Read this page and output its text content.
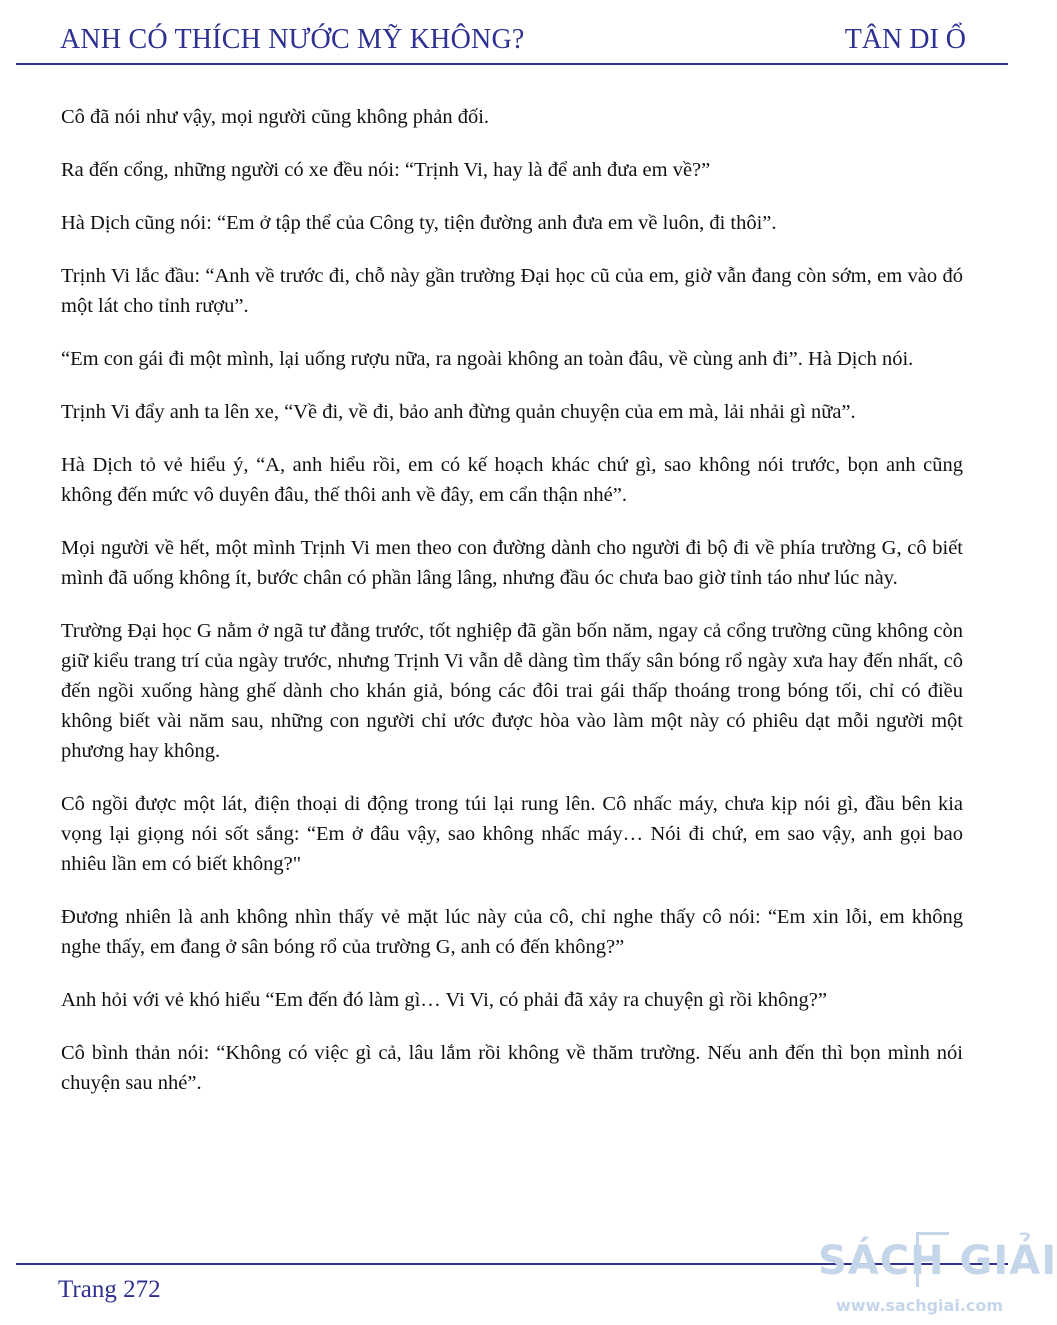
ANH CÓ THÍCH NƯỚC MỸ KHÔNG?	TÂN DI Ổ

Cô đã nói như vậy, mọi người cũng không phản đối.

Ra đến cổng, những người có xe đều nói: “Trịnh Vi, hay là để anh đưa em về?”

Hà Dịch cũng nói: “Em ở tập thể của Công ty, tiện đường anh đưa em về luôn, đi thôi”.

Trịnh Vi lắc đầu: “Anh về trước đi, chỗ này gần trường Đại học cũ của em, giờ vẫn đang còn sớm, em vào đó một lát cho tỉnh rượu”.

“Em con gái đi một mình, lại uống rượu nữa, ra ngoài không an toàn đâu, về cùng anh đi”. Hà Dịch nói.

Trịnh Vi đẩy anh ta lên xe, “Về đi, về đi, bảo anh đừng quản chuyện của em mà, lải nhải gì nữa”.

Hà Dịch tỏ vẻ hiểu ý, “A, anh hiểu rồi, em có kế hoạch khác chứ gì, sao không nói trước, bọn anh cũng không đến mức vô duyên đâu, thế thôi anh về đây, em cẩn thận nhé”.

Mọi người về hết, một mình Trịnh Vi men theo con đường dành cho người đi bộ đi về phía trường G, cô biết mình đã uống không ít, bước chân có phần lâng lâng, nhưng đầu óc chưa bao giờ tỉnh táo như lúc này.

Trường Đại học G nằm ở ngã tư đằng trước, tốt nghiệp đã gần bốn năm, ngay cả cổng trường cũng không còn giữ kiểu trang trí của ngày trước, nhưng Trịnh Vi vẫn dễ dàng tìm thấy sân bóng rổ ngày xưa hay đến nhất, cô đến ngồi xuống hàng ghế dành cho khán giả, bóng các đôi trai gái thấp thoáng trong bóng tối, chỉ có điều không biết vài năm sau, những con người chỉ ước được hòa vào làm một này có phiêu dạt mỗi người một phương hay không.

Cô ngồi được một lát, điện thoại di động trong túi lại rung lên. Cô nhấc máy, chưa kịp nói gì, đầu bên kia vọng lại giọng nói sốt sắng: “Em ở đâu vậy, sao không nhấc máy… Nói đi chứ, em sao vậy, anh gọi bao nhiêu lần em có biết không?"

Đương nhiên là anh không nhìn thấy vẻ mặt lúc này của cô, chỉ nghe thấy cô nói: “Em xin lỗi, em không nghe thấy, em đang ở sân bóng rổ của trường G, anh có đến không?”

Anh hỏi với vẻ khó hiểu “Em đến đó làm gì… Vi Vi, có phải đã xảy ra chuyện gì rồi không?”

Cô bình thản nói: “Không có việc gì cả, lâu lắm rồi không về thăm trường. Nếu anh đến thì bọn mình nói chuyện sau nhé”.

Trang 272
SÁCH GIẢI
www.sachgiai.com
